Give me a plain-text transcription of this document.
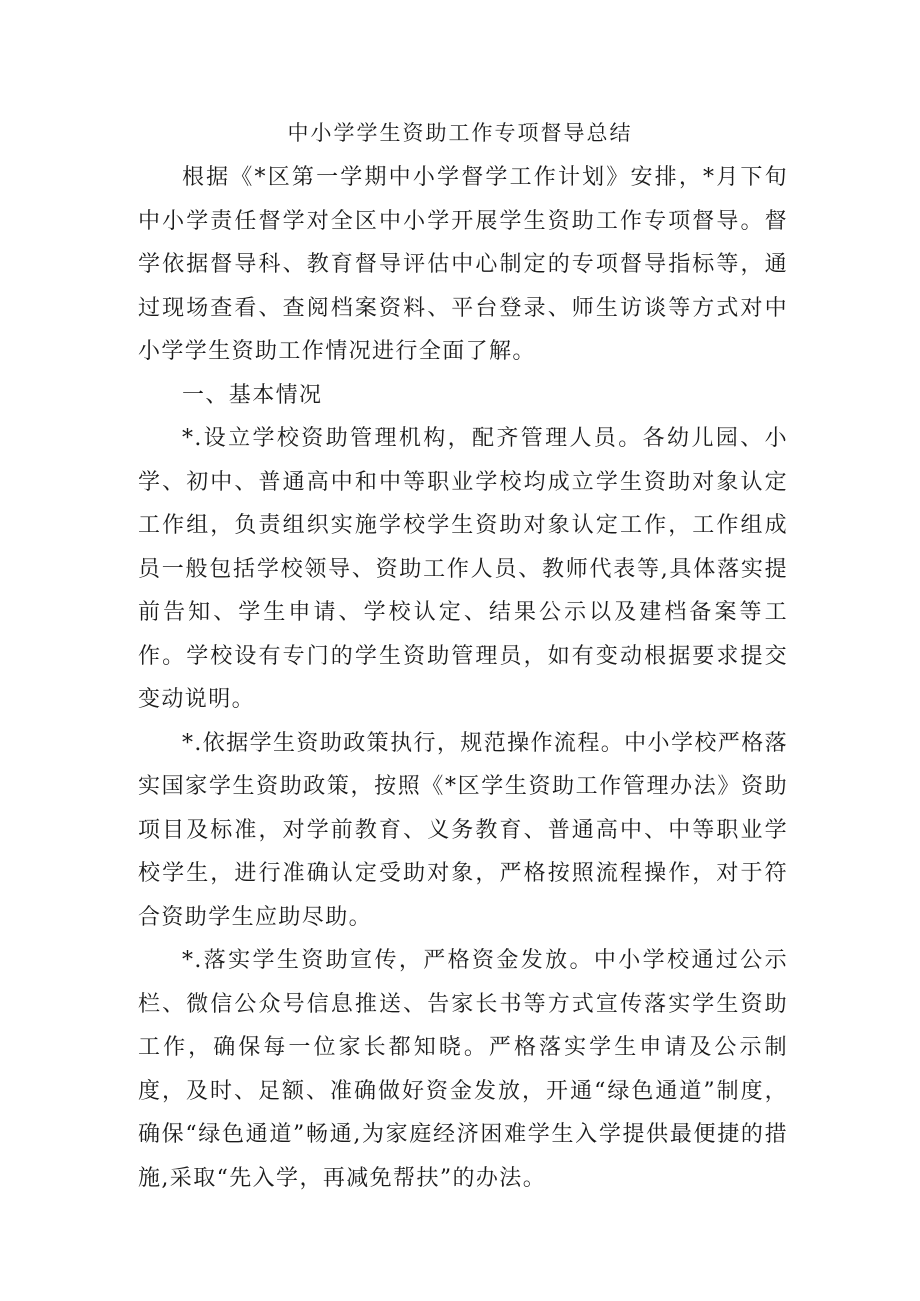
中小学学生资助工作专项督导总结

根据《*区第一学期中小学督学工作计划》安排，*月下旬中小学责任督学对全区中小学开展学生资助工作专项督导。督学依据督导科、教育督导评估中心制定的专项督导指标等，通过现场查看、查阅档案资料、平台登录、师生访谈等方式对中小学学生资助工作情况进行全面了解。

一、基本情况

*.设立学校资助管理机构，配齐管理人员。各幼儿园、小学、初中、普通高中和中等职业学校均成立学生资助对象认定工作组，负责组织实施学校学生资助对象认定工作，工作组成员一般包括学校领导、资助工作人员、教师代表等,具体落实提前告知、学生申请、学校认定、结果公示以及建档备案等工作。学校设有专门的学生资助管理员，如有变动根据要求提交变动说明。

*.依据学生资助政策执行，规范操作流程。中小学校严格落实国家学生资助政策，按照《*区学生资助工作管理办法》资助项目及标准，对学前教育、义务教育、普通高中、中等职业学校学生，进行准确认定受助对象，严格按照流程操作，对于符合资助学生应助尽助。

*.落实学生资助宣传，严格资金发放。中小学校通过公示栏、微信公众号信息推送、告家长书等方式宣传落实学生资助工作，确保每一位家长都知晓。严格落实学生申请及公示制度，及时、足额、准确做好资金发放，开通“绿色通道”制度，确保“绿色通道”畅通,为家庭经济困难学生入学提供最便捷的措施,采取“先入学，再减免帮扶”的办法。
